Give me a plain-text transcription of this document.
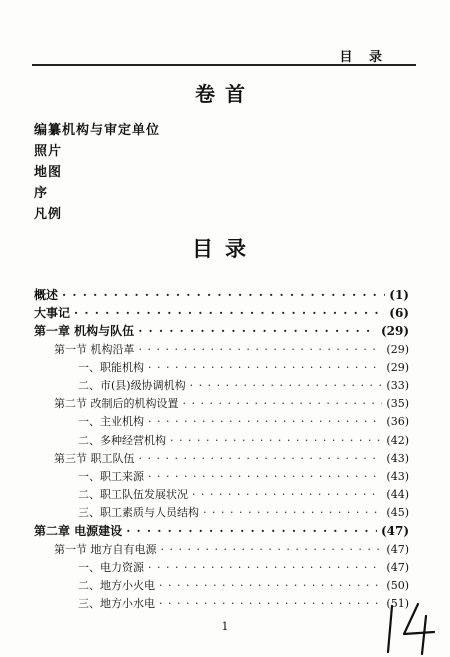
目 录
卷首
编纂机构与审定单位
照片
地图
序
凡例
目录
概述 · · ·	(1)
大事记 · · ·	(6)
第一章 机构与队伍 · · ·	(29)
第一节 机构沿革 · · ·	(29)
一、职能机构 · · ·	(29)
二、市(县)级协调机构 · · ·	(33)
第二节 改制后的机构设置 · · ·	(35)
一、主业机构 · · ·	(36)
二、多种经营机构 · · ·	(42)
第三节 职工队伍 · · ·	(43)
一、职工来源 · · ·	(43)
二、职工队伍发展状况 · · ·	(44)
三、职工素质与人员结构 · · ·	(45)
第二章 电源建设 · · ·	(47)
第一节 地方自有电源 · · ·	(47)
一、电力资源 · · ·	(47)
二、地方小火电 · · ·	(50)
三、地方小水电 · · ·	(51)
1
